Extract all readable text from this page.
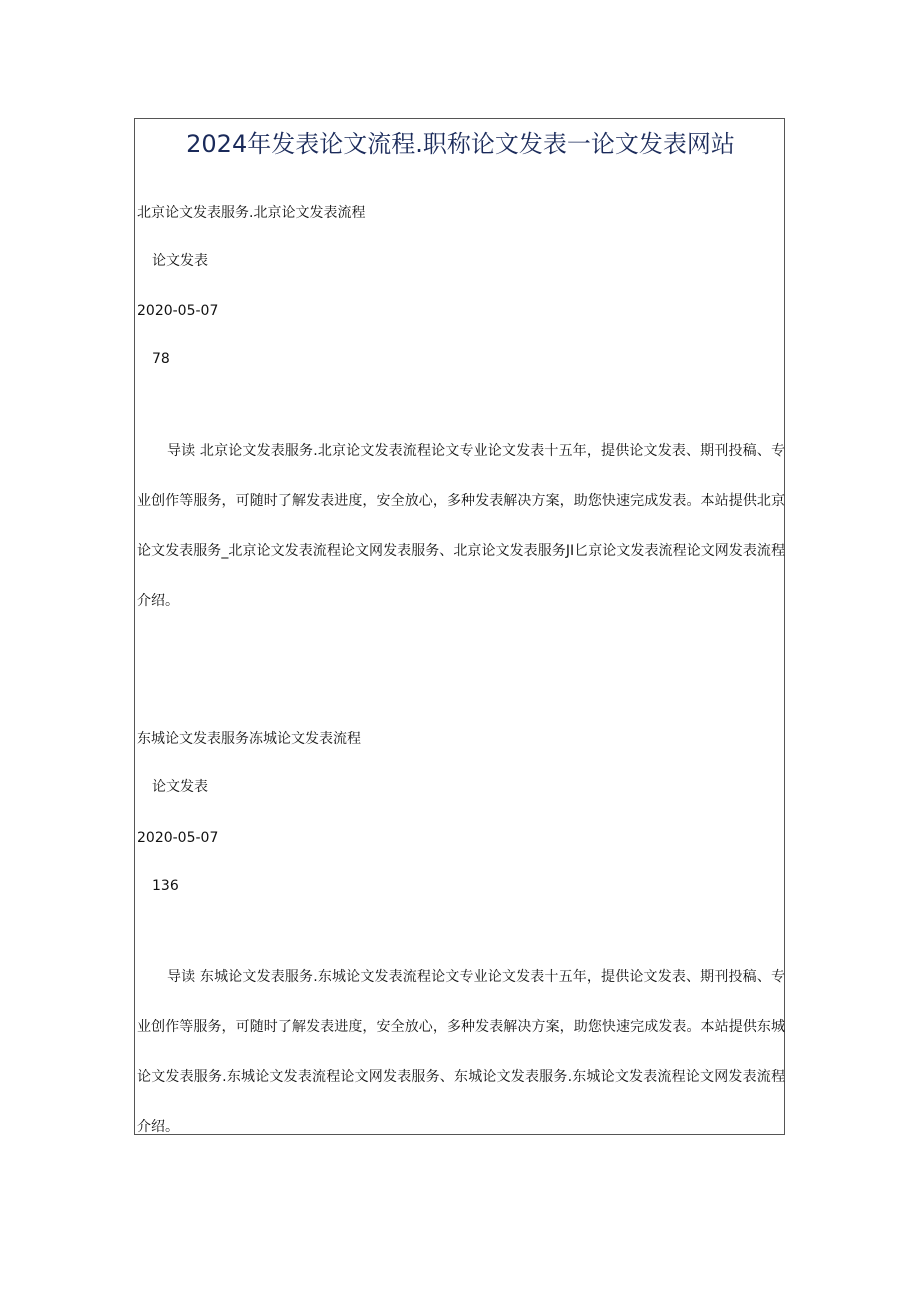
2024年发表论文流程.职称论文发表一论文发表网站

北京论文发表服务.北京论文发表流程

论文发表

2020-05-07

78

导读 北京论文发表服务.北京论文发表流程论文专业论文发表十五年，提供论文发表、期刊投稿、专业创作等服务，可随时了解发表进度，安全放心，多种发表解决方案，助您快速完成发表。本站提供北京论文发表服务_北京论文发表流程论文网发表服务、北京论文发表服务JI匕京论文发表流程论文网发表流程介绍。

东城论文发表服务冻城论文发表流程

论文发表

2020-05-07

136

导读 东城论文发表服务.东城论文发表流程论文专业论文发表十五年，提供论文发表、期刊投稿、专业创作等服务，可随时了解发表进度，安全放心，多种发表解决方案，助您快速完成发表。本站提供东城论文发表服务.东城论文发表流程论文网发表服务、东城论文发表服务.东城论文发表流程论文网发表流程介绍。
